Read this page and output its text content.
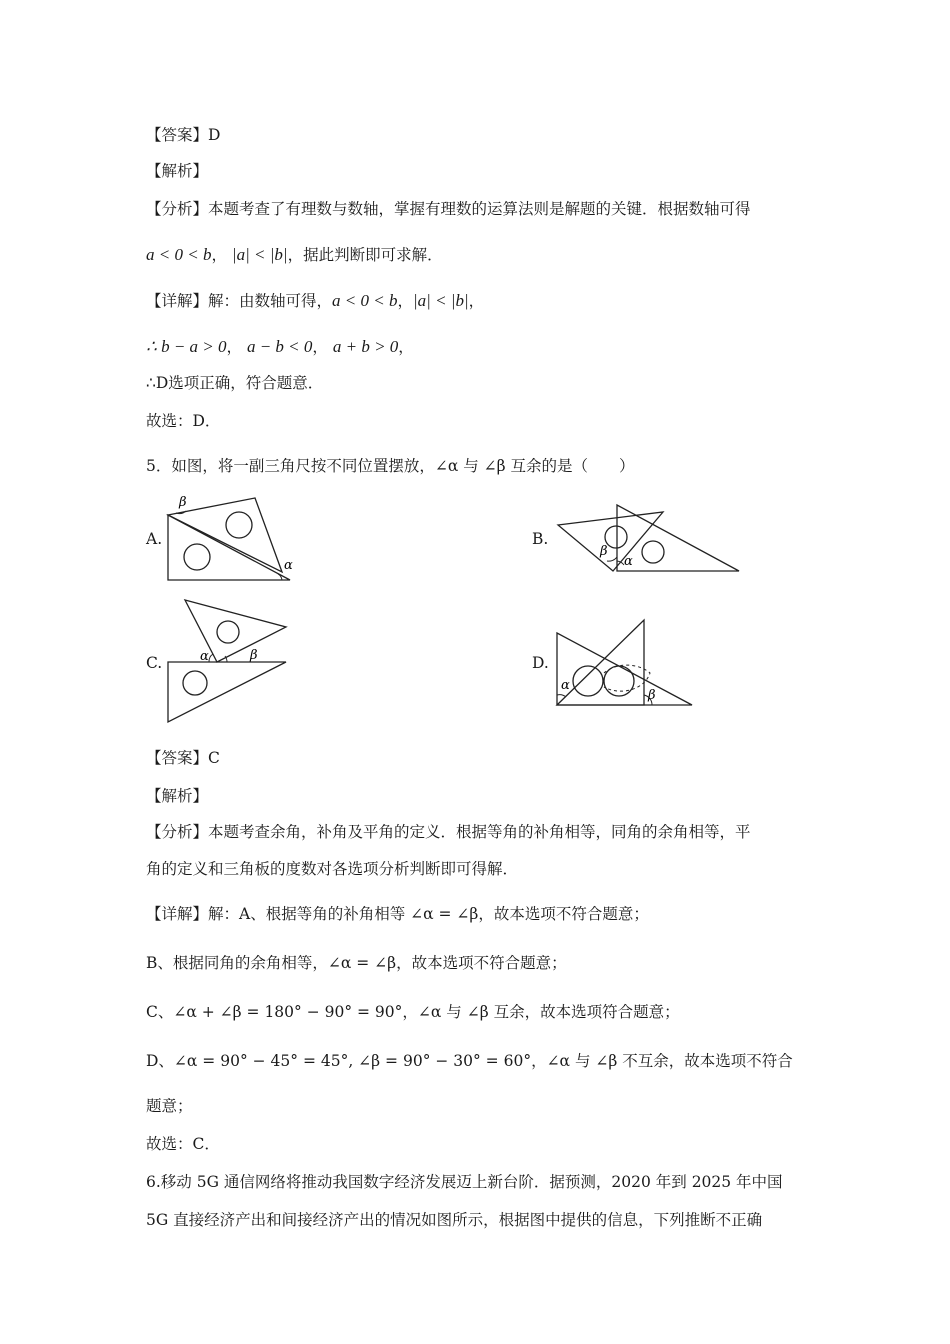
【答案】D
【解析】
【分析】本题考查了有理数与数轴，掌握有理数的运算法则是解题的关键．根据数轴可得
a < 0 < b， |a| < |b|，据此判断即可求解．
【详解】解：由数轴可得，a < 0 < b，|a| < |b|，
∴ b − a > 0， a − b < 0， a + b > 0，
∴D选项正确，符合题意．
故选：D．
5．如图，将一副三角尺按不同位置摆放，∠α 与 ∠β 互余的是（　　）
A.	B.
C.	D.
β
α
β
α
α	β
α
β
【答案】C
【解析】
【分析】本题考查余角，补角及平角的定义．根据等角的补角相等，同角的余角相等，平
角的定义和三角板的度数对各选项分析判断即可得解．
【详解】解：A、根据等角的补角相等 ∠α = ∠β，故本选项不符合题意；
B、根据同角的余角相等，∠α = ∠β，故本选项不符合题意；
C、∠α + ∠β = 180° − 90° = 90°，∠α 与 ∠β 互余，故本选项符合题意；
D、∠α = 90° − 45° = 45°, ∠β = 90° − 30° = 60°，∠α 与 ∠β 不互余，故本选项不符合
题意；
故选：C．
6.移动 5G 通信网络将推动我国数字经济发展迈上新台阶．据预测，2020 年到 2025 年中国
5G 直接经济产出和间接经济产出的情况如图所示，根据图中提供的信息，下列推断不正确
